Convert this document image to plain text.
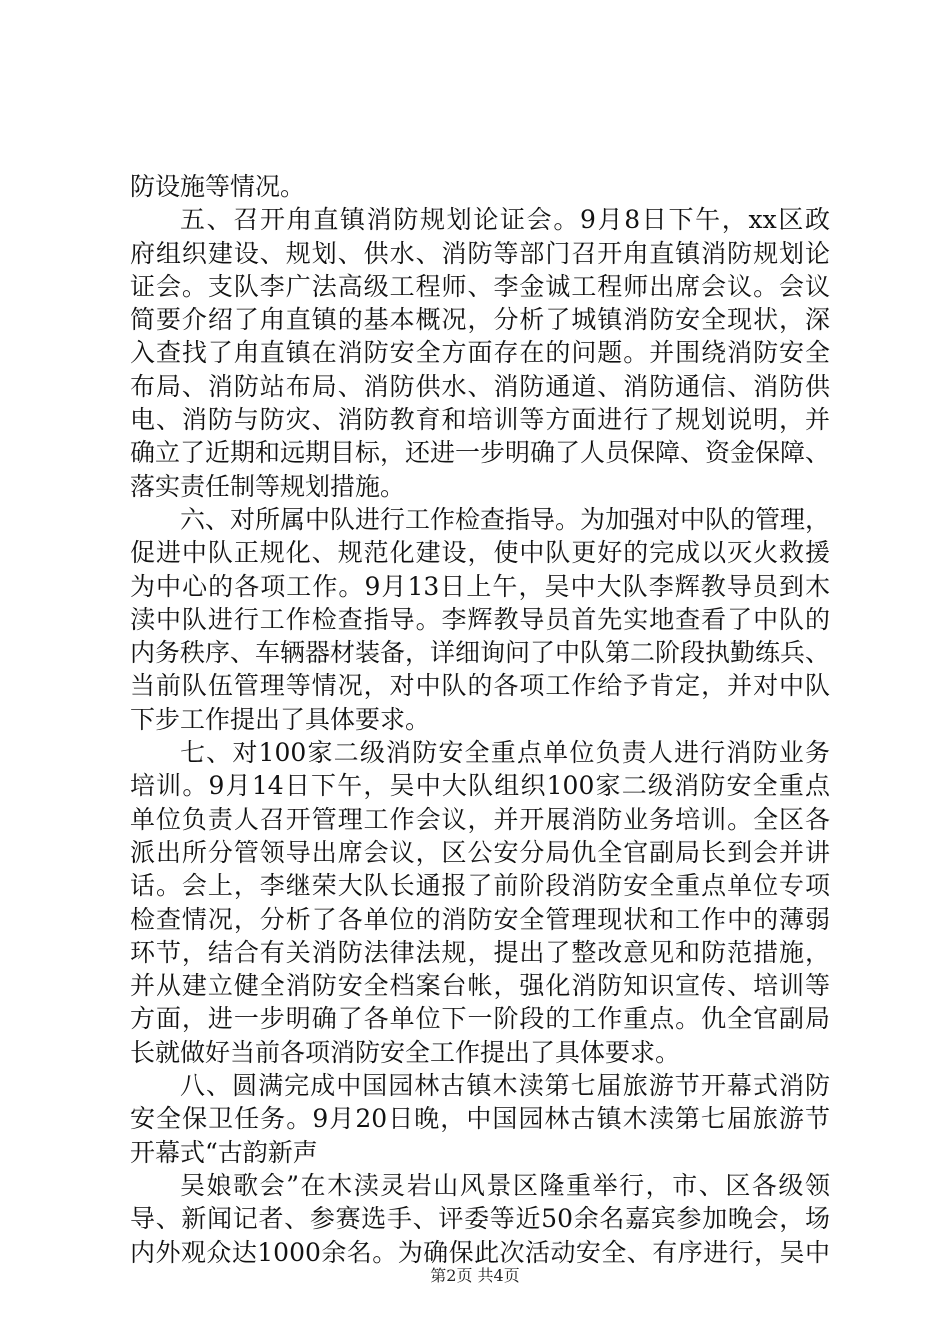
防设施等情况。
五、召开甪直镇消防规划论证会。9月8日下午，xx区政
府组织建设、规划、供水、消防等部门召开甪直镇消防规划论
证会。支队李广法高级工程师、李金诚工程师出席会议。会议
简要介绍了甪直镇的基本概况，分析了城镇消防安全现状，深
入查找了甪直镇在消防安全方面存在的问题。并围绕消防安全
布局、消防站布局、消防供水、消防通道、消防通信、消防供
电、消防与防灾、消防教育和培训等方面进行了规划说明，并
确立了近期和远期目标，还进一步明确了人员保障、资金保障、
落实责任制等规划措施。
六、对所属中队进行工作检查指导。为加强对中队的管理，
促进中队正规化、规范化建设，使中队更好的完成以灭火救援
为中心的各项工作。9月13日上午，吴中大队李辉教导员到木
渎中队进行工作检查指导。李辉教导员首先实地查看了中队的
内务秩序、车辆器材装备，详细询问了中队第二阶段执勤练兵、
当前队伍管理等情况，对中队的各项工作给予肯定，并对中队
下步工作提出了具体要求。
七、对100家二级消防安全重点单位负责人进行消防业务
培训。9月14日下午，吴中大队组织100家二级消防安全重点
单位负责人召开管理工作会议，并开展消防业务培训。全区各
派出所分管领导出席会议，区公安分局仇全官副局长到会并讲
话。会上，李继荣大队长通报了前阶段消防安全重点单位专项
检查情况，分析了各单位的消防安全管理现状和工作中的薄弱
环节，结合有关消防法律法规，提出了整改意见和防范措施，
并从建立健全消防安全档案台帐，强化消防知识宣传、培训等
方面，进一步明确了各单位下一阶段的工作重点。仇全官副局
长就做好当前各项消防安全工作提出了具体要求。
八、圆满完成中国园林古镇木渎第七届旅游节开幕式消防
安全保卫任务。9月20日晚，中国园林古镇木渎第七届旅游节
开幕式“古韵新声
吴娘歌会”在木渎灵岩山风景区隆重举行，市、区各级领
导、新闻记者、参赛选手、评委等近50余名嘉宾参加晚会，场
内外观众达1000余名。为确保此次活动安全、有序进行，吴中
第2页 共4页
